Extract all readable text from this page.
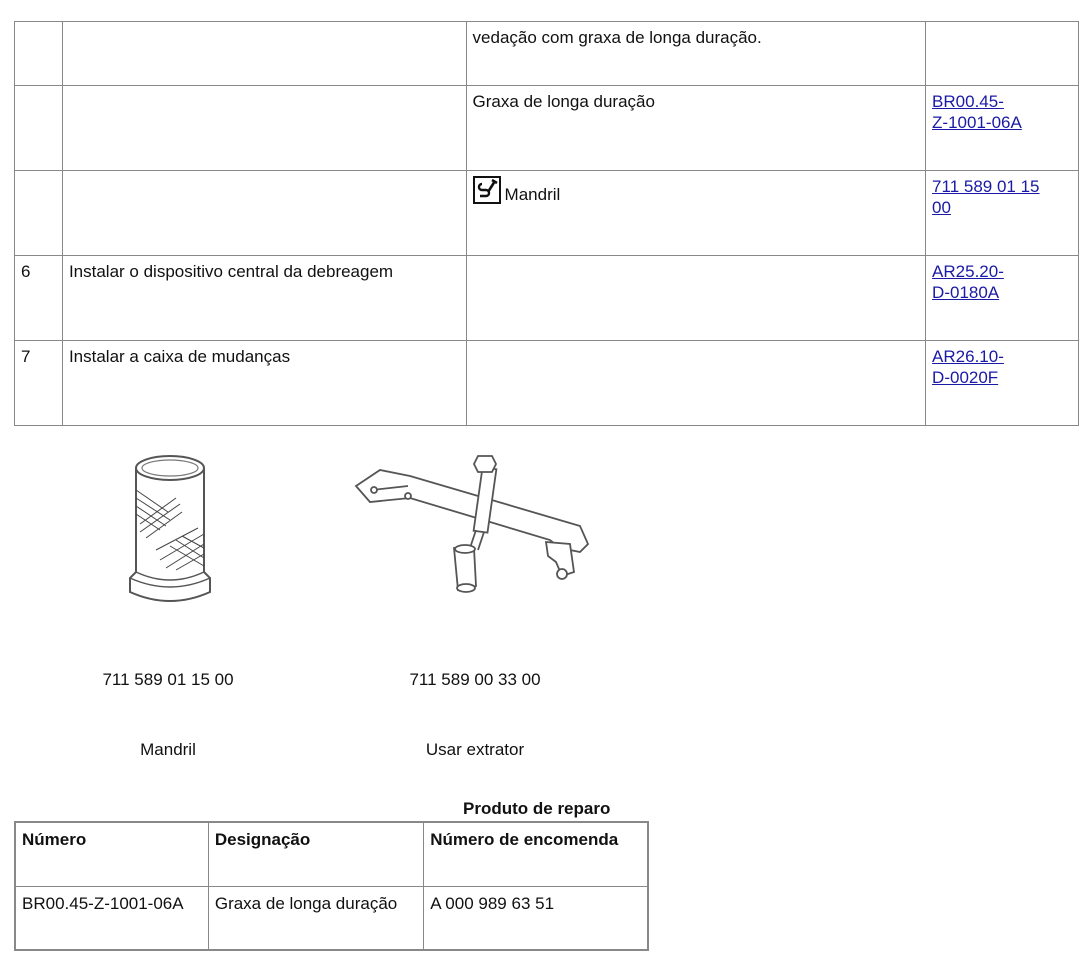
		vedação com graxa de longa duração.	
		Graxa de longa duração	BR00.45-
Z-1001-06A
		Mandril	711 589 01 15
00
6	Instalar o dispositivo central da debreagem		AR25.20-
D-0180A
7	Instalar a caixa de mudanças		AR26.10-
D-0020F
711 589 01 15 00
Mandril
711 589 00 33 00
Usar extrator
Produto de reparo
Número	Designação	Número de encomenda
BR00.45-Z-1001-06A	Graxa de longa duração	A 000 989 63 51
